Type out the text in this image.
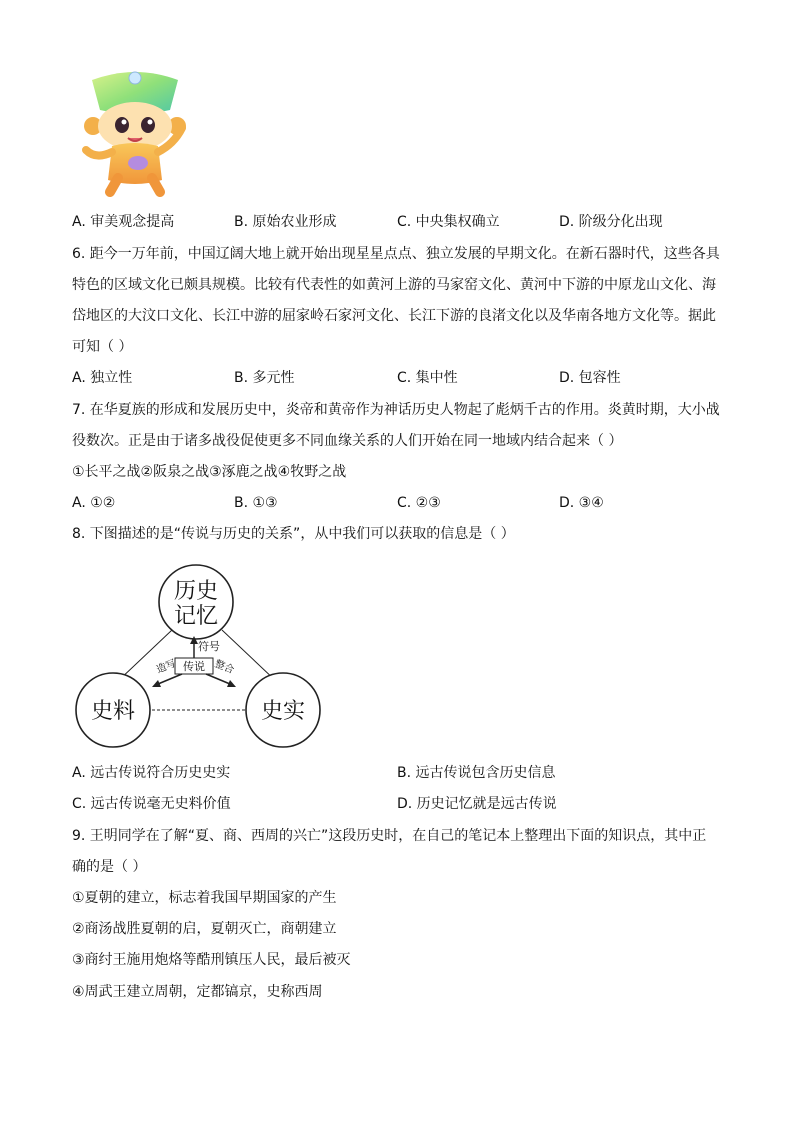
A. 审美观念提高	B. 原始农业形成	C. 中央集权确立	D. 阶级分化出现
6. 距今一万年前，中国辽阔大地上就开始出现星星点点、独立发展的早期文化。在新石器时代，这些各具
特色的区域文化已颇具规模。比较有代表性的如黄河上游的马家窑文化、黄河中下游的中原龙山文化、海
岱地区的大汶口文化、长江中游的屈家岭石家河文化、长江下游的良渚文化以及华南各地方文化等。据此
可知（ ）
A. 独立性	B. 多元性	C. 集中性	D. 包容性
7. 在华夏族的形成和发展历史中，炎帝和黄帝作为神话历史人物起了彪炳千古的作用。炎黄时期，大小战
役数次。正是由于诸多战役促使更多不同血缘关系的人们开始在同一地域内结合起来（ ）
①长平之战②阪泉之战③涿鹿之战④牧野之战
A. ①②	B. ①③	C. ②③	D. ③④
8. 下图描述的是“传说与历史的关系”，从中我们可以获取的信息是（ ）
历史
记忆
史料	史实
传说
符号
造写	整合
A. 远古传说符合历史史实	B. 远古传说包含历史信息
C. 远古传说毫无史料价值	D. 历史记忆就是远古传说
9. 王明同学在了解“夏、商、西周的兴亡”这段历史时，在自己的笔记本上整理出下面的知识点，其中正
确的是（ ）
①夏朝的建立，标志着我国早期国家的产生
②商汤战胜夏朝的启，夏朝灭亡，商朝建立
③商纣王施用炮烙等酷刑镇压人民，最后被灭
④周武王建立周朝，定都镐京，史称西周
